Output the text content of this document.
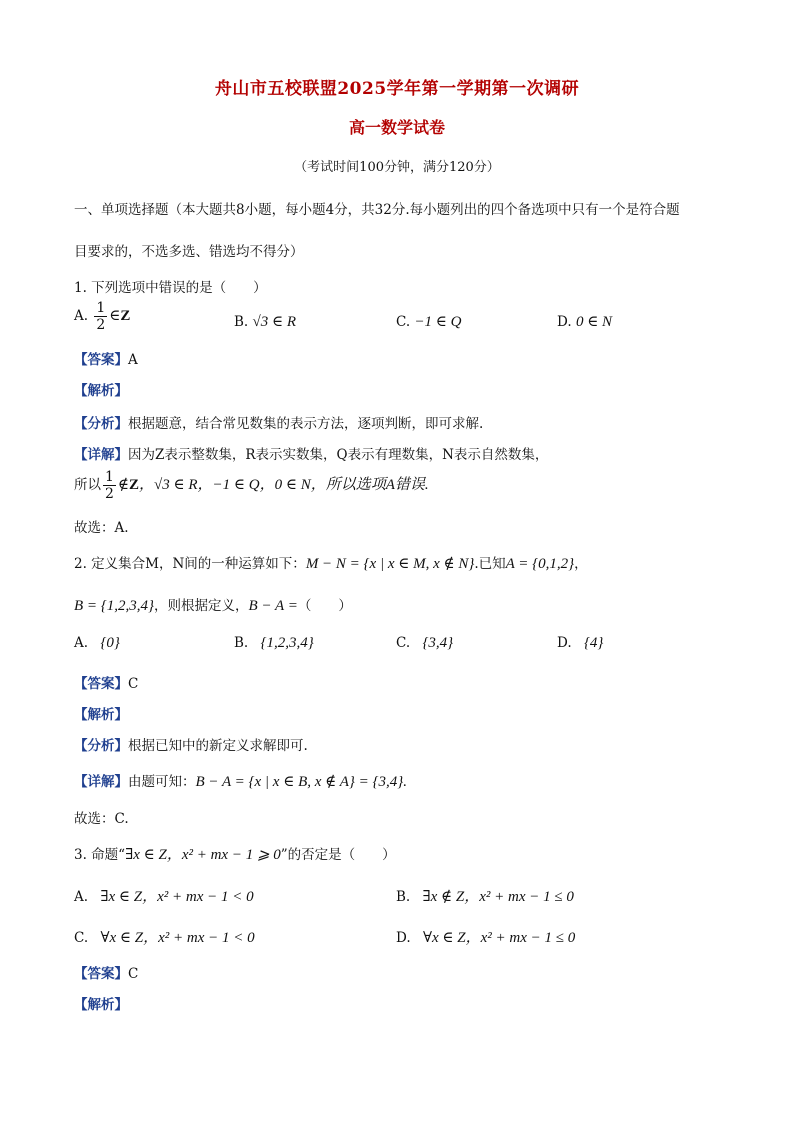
舟山市五校联盟2025学年第一学期第一次调研
高一数学试卷
（考试时间100分钟，满分120分）
一、单项选择题（本大题共8小题，每小题4分，共32分.每小题列出的四个备选项中只有一个是符合题
目要求的，不选多选、错选均不得分）
1. 下列选项中错误的是（　　）
A. $\frac{1}{2}$ ∈Z	B. √3 ∈ R	C. −1 ∈ Q	D. 0 ∈ N
【答案】A
【解析】
【分析】根据题意，结合常见数集的表示方法，逐项判断，即可求解.
【详解】因为Z表示整数集，R表示实数集，Q表示有理数集，N表示自然数集，
所以 $\frac{1}{2}$ ∉Z，√3 ∈ R，−1 ∈ Q，0 ∈ N，所以选项A错误.
故选：A.
2. 定义集合M，N间的一种运算如下：M − N = {x | x ∈ M, x ∉ N}.已知A = {0,1,2}，
B = {1,2,3,4}，则根据定义，B − A =（　　）
A. {0}	B. {1,2,3,4}	C. {3,4}	D. {4}
【答案】C
【解析】
【分析】根据已知中的新定义求解即可.
【详解】由题可知：B − A = {x | x ∈ B, x ∉ A} = {3,4}.
故选：C.
3. 命题“∃x ∈ Z，x² + mx − 1 ⩾ 0”的否定是（　　）
A. ∃x ∈ Z，x² + mx − 1 < 0	B. ∃x ∉ Z，x² + mx − 1 ≤ 0
C. ∀x ∈ Z，x² + mx − 1 < 0	D. ∀x ∈ Z，x² + mx − 1 ≤ 0
【答案】C
【解析】
